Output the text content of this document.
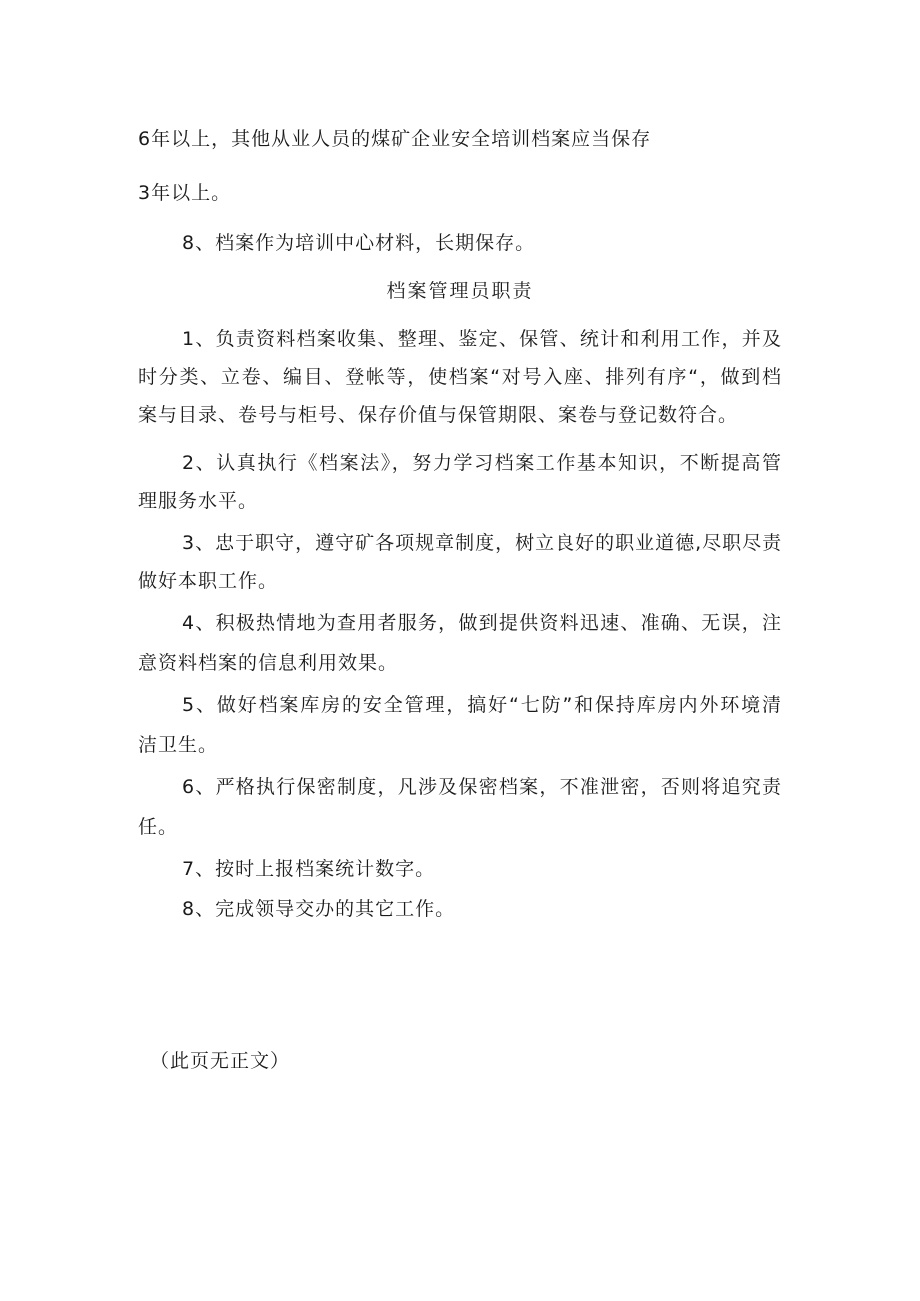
6年以上，其他从业人员的煤矿企业安全培训档案应当保存
3年以上。
8、档案作为培训中心材料，长期保存。
档案管理员职责
1、负责资料档案收集、整理、鉴定、保管、统计和利用工作，并及
时分类、立卷、编目、登帐等，使档案“对号入座、排列有序“，做到档
案与目录、卷号与柜号、保存价值与保管期限、案卷与登记数符合。
2、认真执行《档案法》，努力学习档案工作基本知识，不断提高管
理服务水平。
3、忠于职守，遵守矿各项规章制度，树立良好的职业道德,尽职尽责
做好本职工作。
4、积极热情地为查用者服务，做到提供资料迅速、准确、无误，注
意资料档案的信息利用效果。
5、做好档案库房的安全管理，搞好“七防”和保持库房内外环境清
洁卫生。
6、严格执行保密制度，凡涉及保密档案，不准泄密，否则将追究责
任。
7、按时上报档案统计数字。
8、完成领导交办的其它工作。
（此页无正文）
